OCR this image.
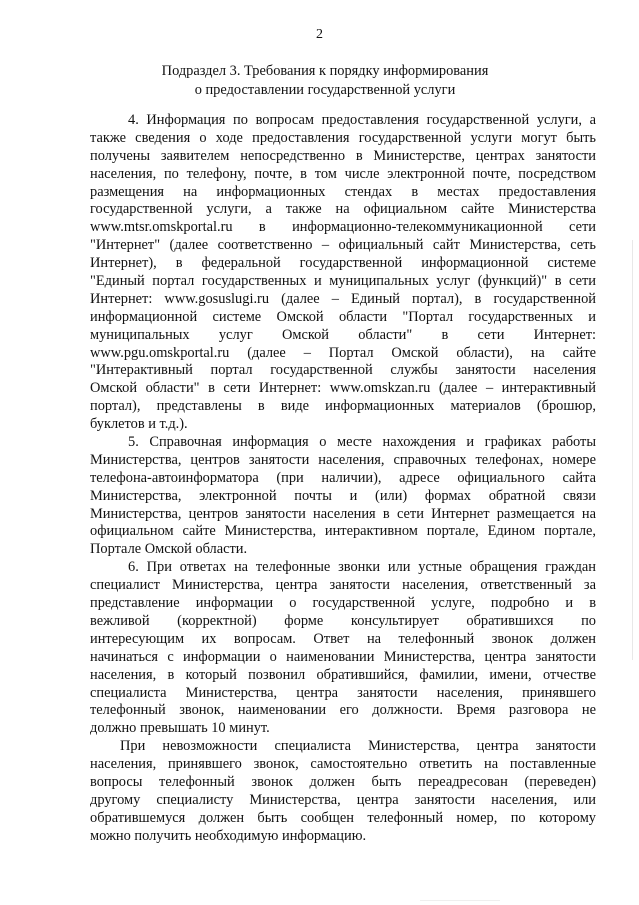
2
Подраздел 3. Требования к порядку информирования
о предоставлении государственной услуги
4. Информация по вопросам предоставления государственной услуги, а
также сведения о ходе предоставления государственной услуги могут быть
получены заявителем непосредственно в Министерстве, центрах занятости
населения, по телефону, почте, в том числе электронной почте, посредством
размещения на информационных стендах в местах предоставления
государственной услуги, а также на официальном сайте Министерства
www.mtsr.omskportal.ru в информационно-телекоммуникационной сети
"Интернет" (далее соответственно – официальный сайт Министерства, сеть
Интернет), в федеральной государственной информационной системе
"Единый портал государственных и муниципальных услуг (функций)" в сети
Интернет: www.gosuslugi.ru (далее – Единый портал), в государственной
информационной системе Омской области "Портал государственных и
муниципальных услуг Омской области" в сети Интернет:
www.pgu.omskportal.ru (далее – Портал Омской области), на сайте
"Интерактивный портал государственной службы занятости населения
Омской области" в сети Интернет: www.omskzan.ru (далее – интерактивный
портал), представлены в виде информационных материалов (брошюр,
буклетов и т.д.).
5. Справочная информация о месте нахождения и графиках работы
Министерства, центров занятости населения, справочных телефонах, номере
телефона-автоинформатора (при наличии), адресе официального сайта
Министерства, электронной почты и (или) формах обратной связи
Министерства, центров занятости населения в сети Интернет размещается на
официальном сайте Министерства, интерактивном портале, Едином портале,
Портале Омской области.
6. При ответах на телефонные звонки или устные обращения граждан
специалист Министерства, центра занятости населения, ответственный за
представление информации о государственной услуге, подробно и в
вежливой (корректной) форме консультирует обратившихся по
интересующим их вопросам. Ответ на телефонный звонок должен
начинаться с информации о наименовании Министерства, центра занятости
населения, в который позвонил обратившийся, фамилии, имени, отчестве
специалиста Министерства, центра занятости населения, принявшего
телефонный звонок, наименовании его должности. Время разговора не
должно превышать 10 минут.
При невозможности специалиста Министерства, центра занятости
населения, принявшего звонок, самостоятельно ответить на поставленные
вопросы телефонный звонок должен быть переадресован (переведен)
другому специалисту Министерства, центра занятости населения, или
обратившемуся должен быть сообщен телефонный номер, по которому
можно получить необходимую информацию.
